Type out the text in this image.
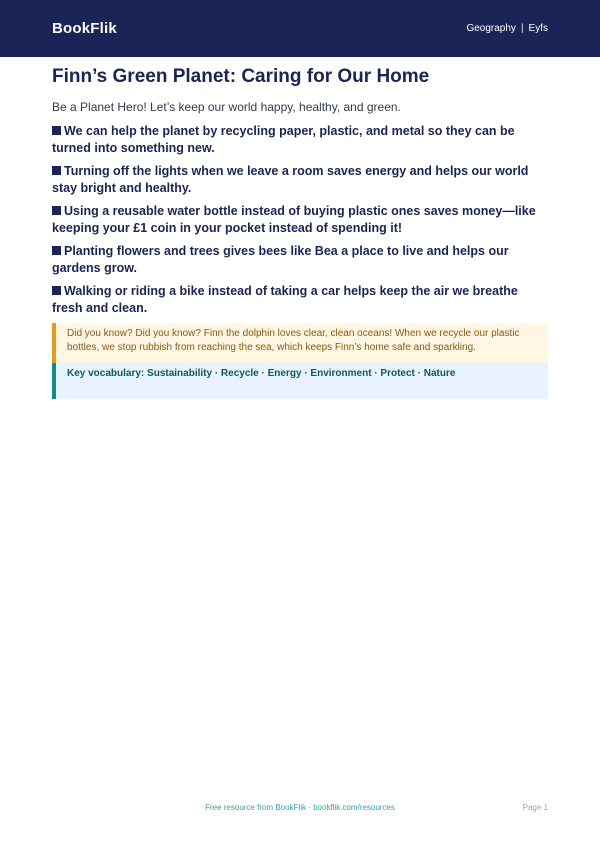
BookFlik	Geography | Eyfs
Finn’s Green Planet: Caring for Our Home

Be a Planet Hero! Let’s keep our world happy, healthy, and green.

We can help the planet by recycling paper, plastic, and metal so they can be turned into something new.
Turning off the lights when we leave a room saves energy and helps our world stay bright and healthy.
Using a reusable water bottle instead of buying plastic ones saves money—like keeping your £1 coin in your pocket instead of spending it!
Planting flowers and trees gives bees like Bea a place to live and helps our gardens grow.
Walking or riding a bike instead of taking a car helps keep the air we breathe fresh and clean.
Did you know? Did you know? Finn the dolphin loves clear, clean oceans! When we recycle our plastic bottles, we stop rubbish from reaching the sea, which keeps Finn’s home safe and sparkling.
Key vocabulary: Sustainability · Recycle · Energy · Environment · Protect · Nature
Free resource from BookFlik · bookflik.com/resources	Page 1
